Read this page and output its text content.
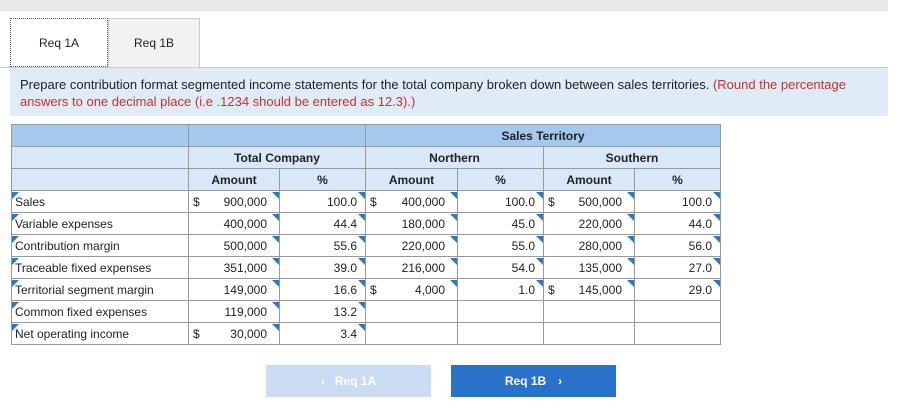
Req 1A	Req 1B
Prepare contribution format segmented income statements for the total company broken down between sales territories. (Round the percentage answers to one decimal place (i.e .1234 should be entered as 12.3).)
			Sales Territory			
	Total Company		Northern		Southern	
	Amount	%	Amount	%	Amount	%
Sales	$ 900,000	100.0	$ 400,000	100.0	$ 500,000	100.0
Variable expenses	400,000	44.4	180,000	45.0	220,000	44.0
Contribution margin	500,000	55.6	220,000	55.0	280,000	56.0
Traceable fixed expenses	351,000	39.0	216,000	54.0	135,000	27.0
Territorial segment margin	149,000	16.6	$ 4,000	1.0	$ 145,000	29.0
Common fixed expenses	119,000	13.2				
Net operating income	$ 30,000	3.4				
‹ Req 1A	Req 1B ›
